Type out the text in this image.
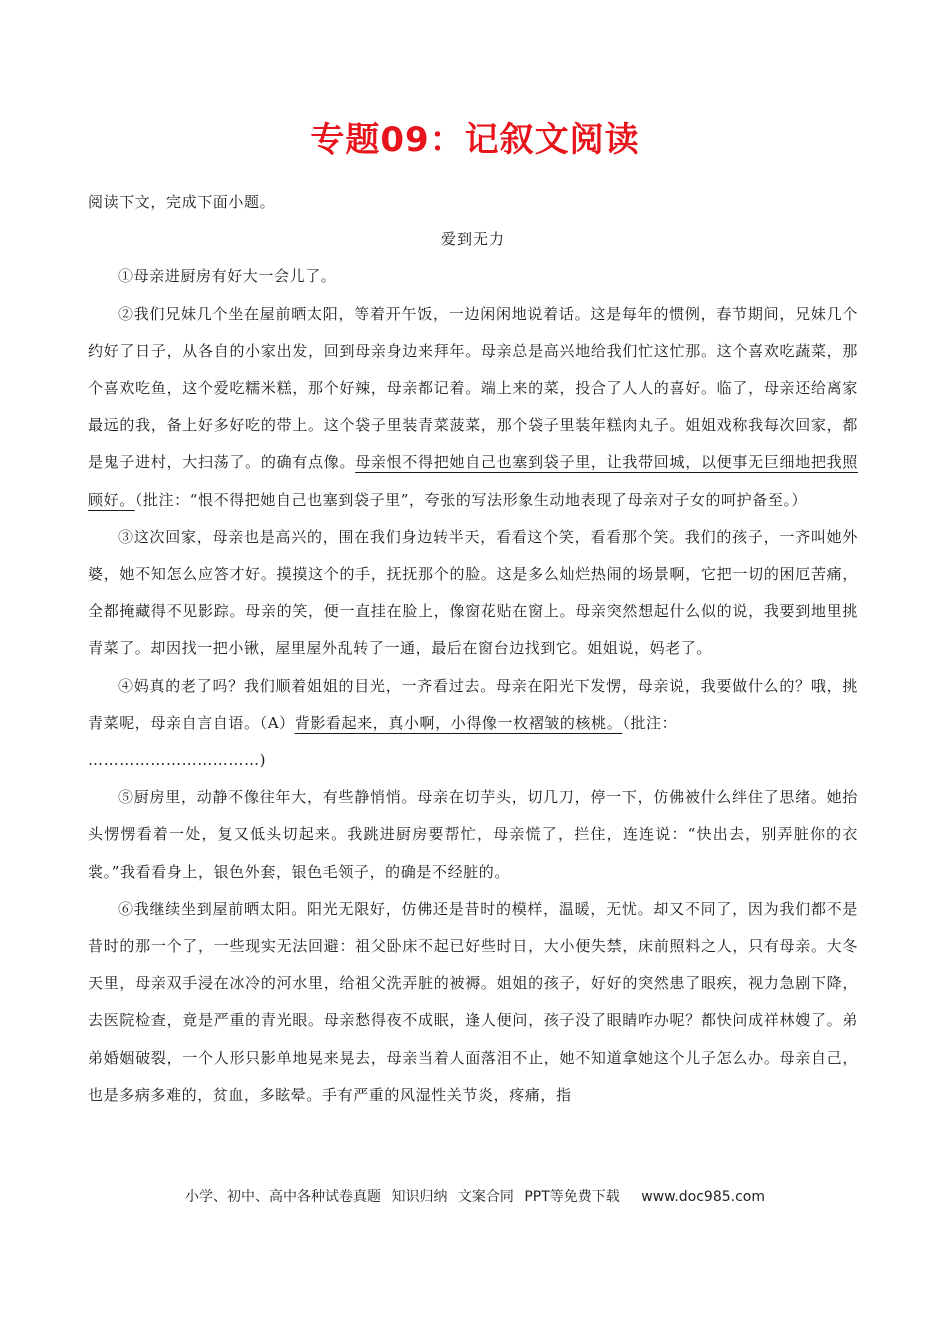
专题09：记叙文阅读

阅读下文，完成下面小题。

爱到无力

①母亲进厨房有好大一会儿了。

②我们兄妹几个坐在屋前晒太阳，等着开午饭，一边闲闲地说着话。这是每年的惯例，春节期间，兄妹几个约好了日子，从各自的小家出发，回到母亲身边来拜年。母亲总是高兴地给我们忙这忙那。这个喜欢吃蔬菜，那个喜欢吃鱼，这个爱吃糯米糕，那个好辣，母亲都记着。端上来的菜，投合了人人的喜好。临了，母亲还给离家最远的我，备上好多好吃的带上。这个袋子里装青菜菠菜，那个袋子里装年糕肉丸子。姐姐戏称我每次回家，都是鬼子进村，大扫荡了。的确有点像。母亲恨不得把她自己也塞到袋子里，让我带回城，以便事无巨细地把我照顾好。（批注：“恨不得把她自己也塞到袋子里”，夸张的写法形象生动地表现了母亲对子女的呵护备至。）

③这次回家，母亲也是高兴的，围在我们身边转半天，看看这个笑，看看那个笑。我们的孩子，一齐叫她外婆，她不知怎么应答才好。摸摸这个的手，抚抚那个的脸。这是多么灿烂热闹的场景啊，它把一切的困厄苦痛，全都掩藏得不见影踪。母亲的笑，便一直挂在脸上，像窗花贴在窗上。母亲突然想起什么似的说，我要到地里挑青菜了。却因找一把小锹，屋里屋外乱转了一通，最后在窗台边找到它。姐姐说，妈老了。

④妈真的老了吗？我们顺着姐姐的目光，一齐看过去。母亲在阳光下发愣，母亲说，我要做什么的？哦，挑青菜呢，母亲自言自语。（A）背影看起来，真小啊，小得像一枚褶皱的核桃。（批注：

……………………………)

⑤厨房里，动静不像往年大，有些静悄悄。母亲在切芋头，切几刀，停一下，仿佛被什么绊住了思绪。她抬头愣愣看着一处，复又低头切起来。我跳进厨房要帮忙，母亲慌了，拦住，连连说：“快出去，别弄脏你的衣裳。”我看看身上，银色外套，银色毛领子，的确是不经脏的。

⑥我继续坐到屋前晒太阳。阳光无限好，仿佛还是昔时的模样，温暖，无忧。却又不同了，因为我们都不是昔时的那一个了，一些现实无法回避：祖父卧床不起已好些时日，大小便失禁，床前照料之人，只有母亲。大冬天里，母亲双手浸在冰冷的河水里，给祖父洗弄脏的被褥。姐姐的孩子，好好的突然患了眼疾，视力急剧下降，去医院检查，竟是严重的青光眼。母亲愁得夜不成眠，逢人便问，孩子没了眼睛咋办呢？都快问成祥林嫂了。弟弟婚姻破裂，一个人形只影单地晃来晃去，母亲当着人面落泪不止，她不知道拿她这个儿子怎么办。母亲自己，也是多病多难的，贫血，多眩晕。手有严重的风湿性关节炎，疼痛，指

小学、初中、高中各种试卷真题 知识归纳 文案合同 PPT等免费下载 www.doc985.com
